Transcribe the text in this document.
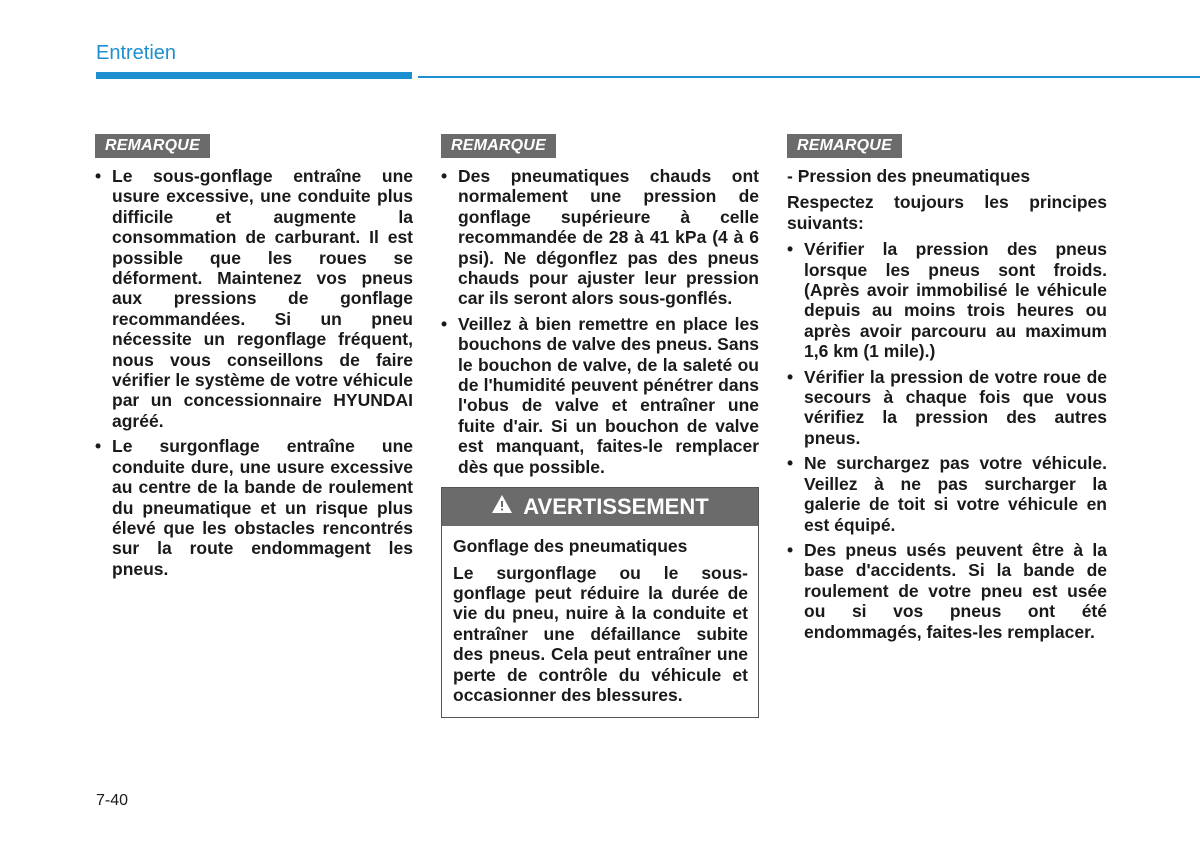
Entretien
REMARQUE
• Le sous-gonflage entraîne une usure excessive, une conduite plus difficile et augmente la consommation de carburant. Il est possible que les roues se déforment. Maintenez vos pneus aux pressions de gonflage recommandées. Si un pneu nécessite un regonflage fréquent, nous vous conseillons de faire vérifier le système de votre véhicule par un concessionnaire HYUNDAI agréé.
• Le surgonflage entraîne une conduite dure, une usure excessive au centre de la bande de roulement du pneumatique et un risque plus élevé que les obstacles rencontrés sur la route endommagent les pneus.
REMARQUE
• Des pneumatiques chauds ont normalement une pression de gonflage supérieure à celle recommandée de 28 à 41 kPa (4 à 6 psi). Ne dégonflez pas des pneus chauds pour ajuster leur pression car ils seront alors sous-gonflés.
• Veillez à bien remettre en place les bouchons de valve des pneus. Sans le bouchon de valve, de la saleté ou de l'humidité peuvent pénétrer dans l'obus de valve et entraîner une fuite d'air. Si un bouchon de valve est manquant, faites-le remplacer dès que possible.
AVERTISSEMENT

Gonflage des pneumatiques

Le surgonflage ou le sous-gonflage peut réduire la durée de vie du pneu, nuire à la conduite et entraîner une défaillance subite des pneus. Cela peut entraîner une perte de contrôle du véhicule et occasionner des blessures.

REMARQUE

- Pression des pneumatiques

Respectez toujours les principes suivants:

• Vérifier la pression des pneus lorsque les pneus sont froids. (Après avoir immobilisé le véhicule depuis au moins trois heures ou après avoir parcouru au maximum 1,6 km (1 mile).)
• Vérifier la pression de votre roue de secours à chaque fois que vous vérifiez la pression des autres pneus.
• Ne surchargez pas votre véhicule. Veillez à ne pas surcharger la galerie de toit si votre véhicule en est équipé.
• Des pneus usés peuvent être à la base d'accidents. Si la bande de roulement de votre pneu est usée ou si vos pneus ont été endommagés, faites-les remplacer.
7-40
